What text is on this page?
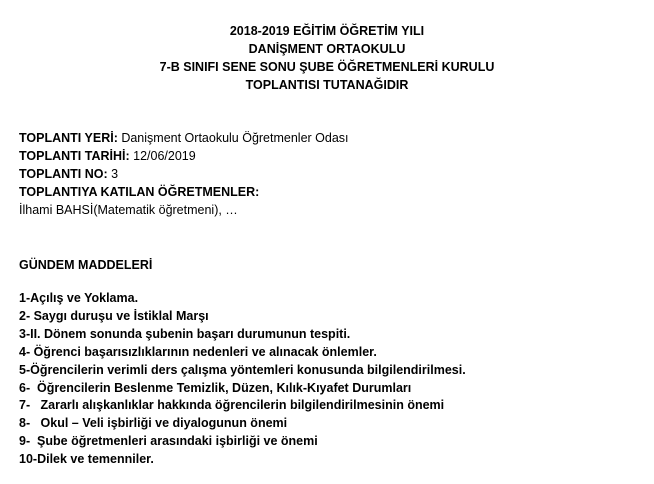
2018-2019 EĞİTİM ÖĞRETİM YILI
DANİŞMENT ORTAOKULU
7-B SINIFI SENE SONU ŞUBE ÖĞRETMENLERİ KURULU
TOPLANTISI TUTANAĞIDIR
TOPLANTI YERİ: Danişment Ortaokulu Öğretmenler Odası
TOPLANTI TARİHİ: 12/06/2019
TOPLANTI NO: 3
TOPLANTIYA KATILAN ÖĞRETMENLER:
İlhami BAHSİ(Matematik öğretmeni), …
GÜNDEM MADDELERİ
1-Açılış ve Yoklama.
2- Saygı duruşu ve İstiklal Marşı
3-II. Dönem sonunda şubenin başarı durumunun tespiti.
4- Öğrenci başarısızlıklarının nedenleri ve alınacak önlemler.
5-Öğrencilerin verimli ders çalışma yöntemleri konusunda bilgilendirilmesi.
6-  Öğrencilerin Beslenme Temizlik, Düzen, Kılık-Kıyafet Durumları
7-   Zararlı alışkanlıklar hakkında öğrencilerin bilgilendirilmesinin önemi
8-   Okul – Veli işbirliği ve diyalogunun önemi
9-  Şube öğretmenleri arasındaki işbirliği ve önemi
10-Dilek ve temenniler.
